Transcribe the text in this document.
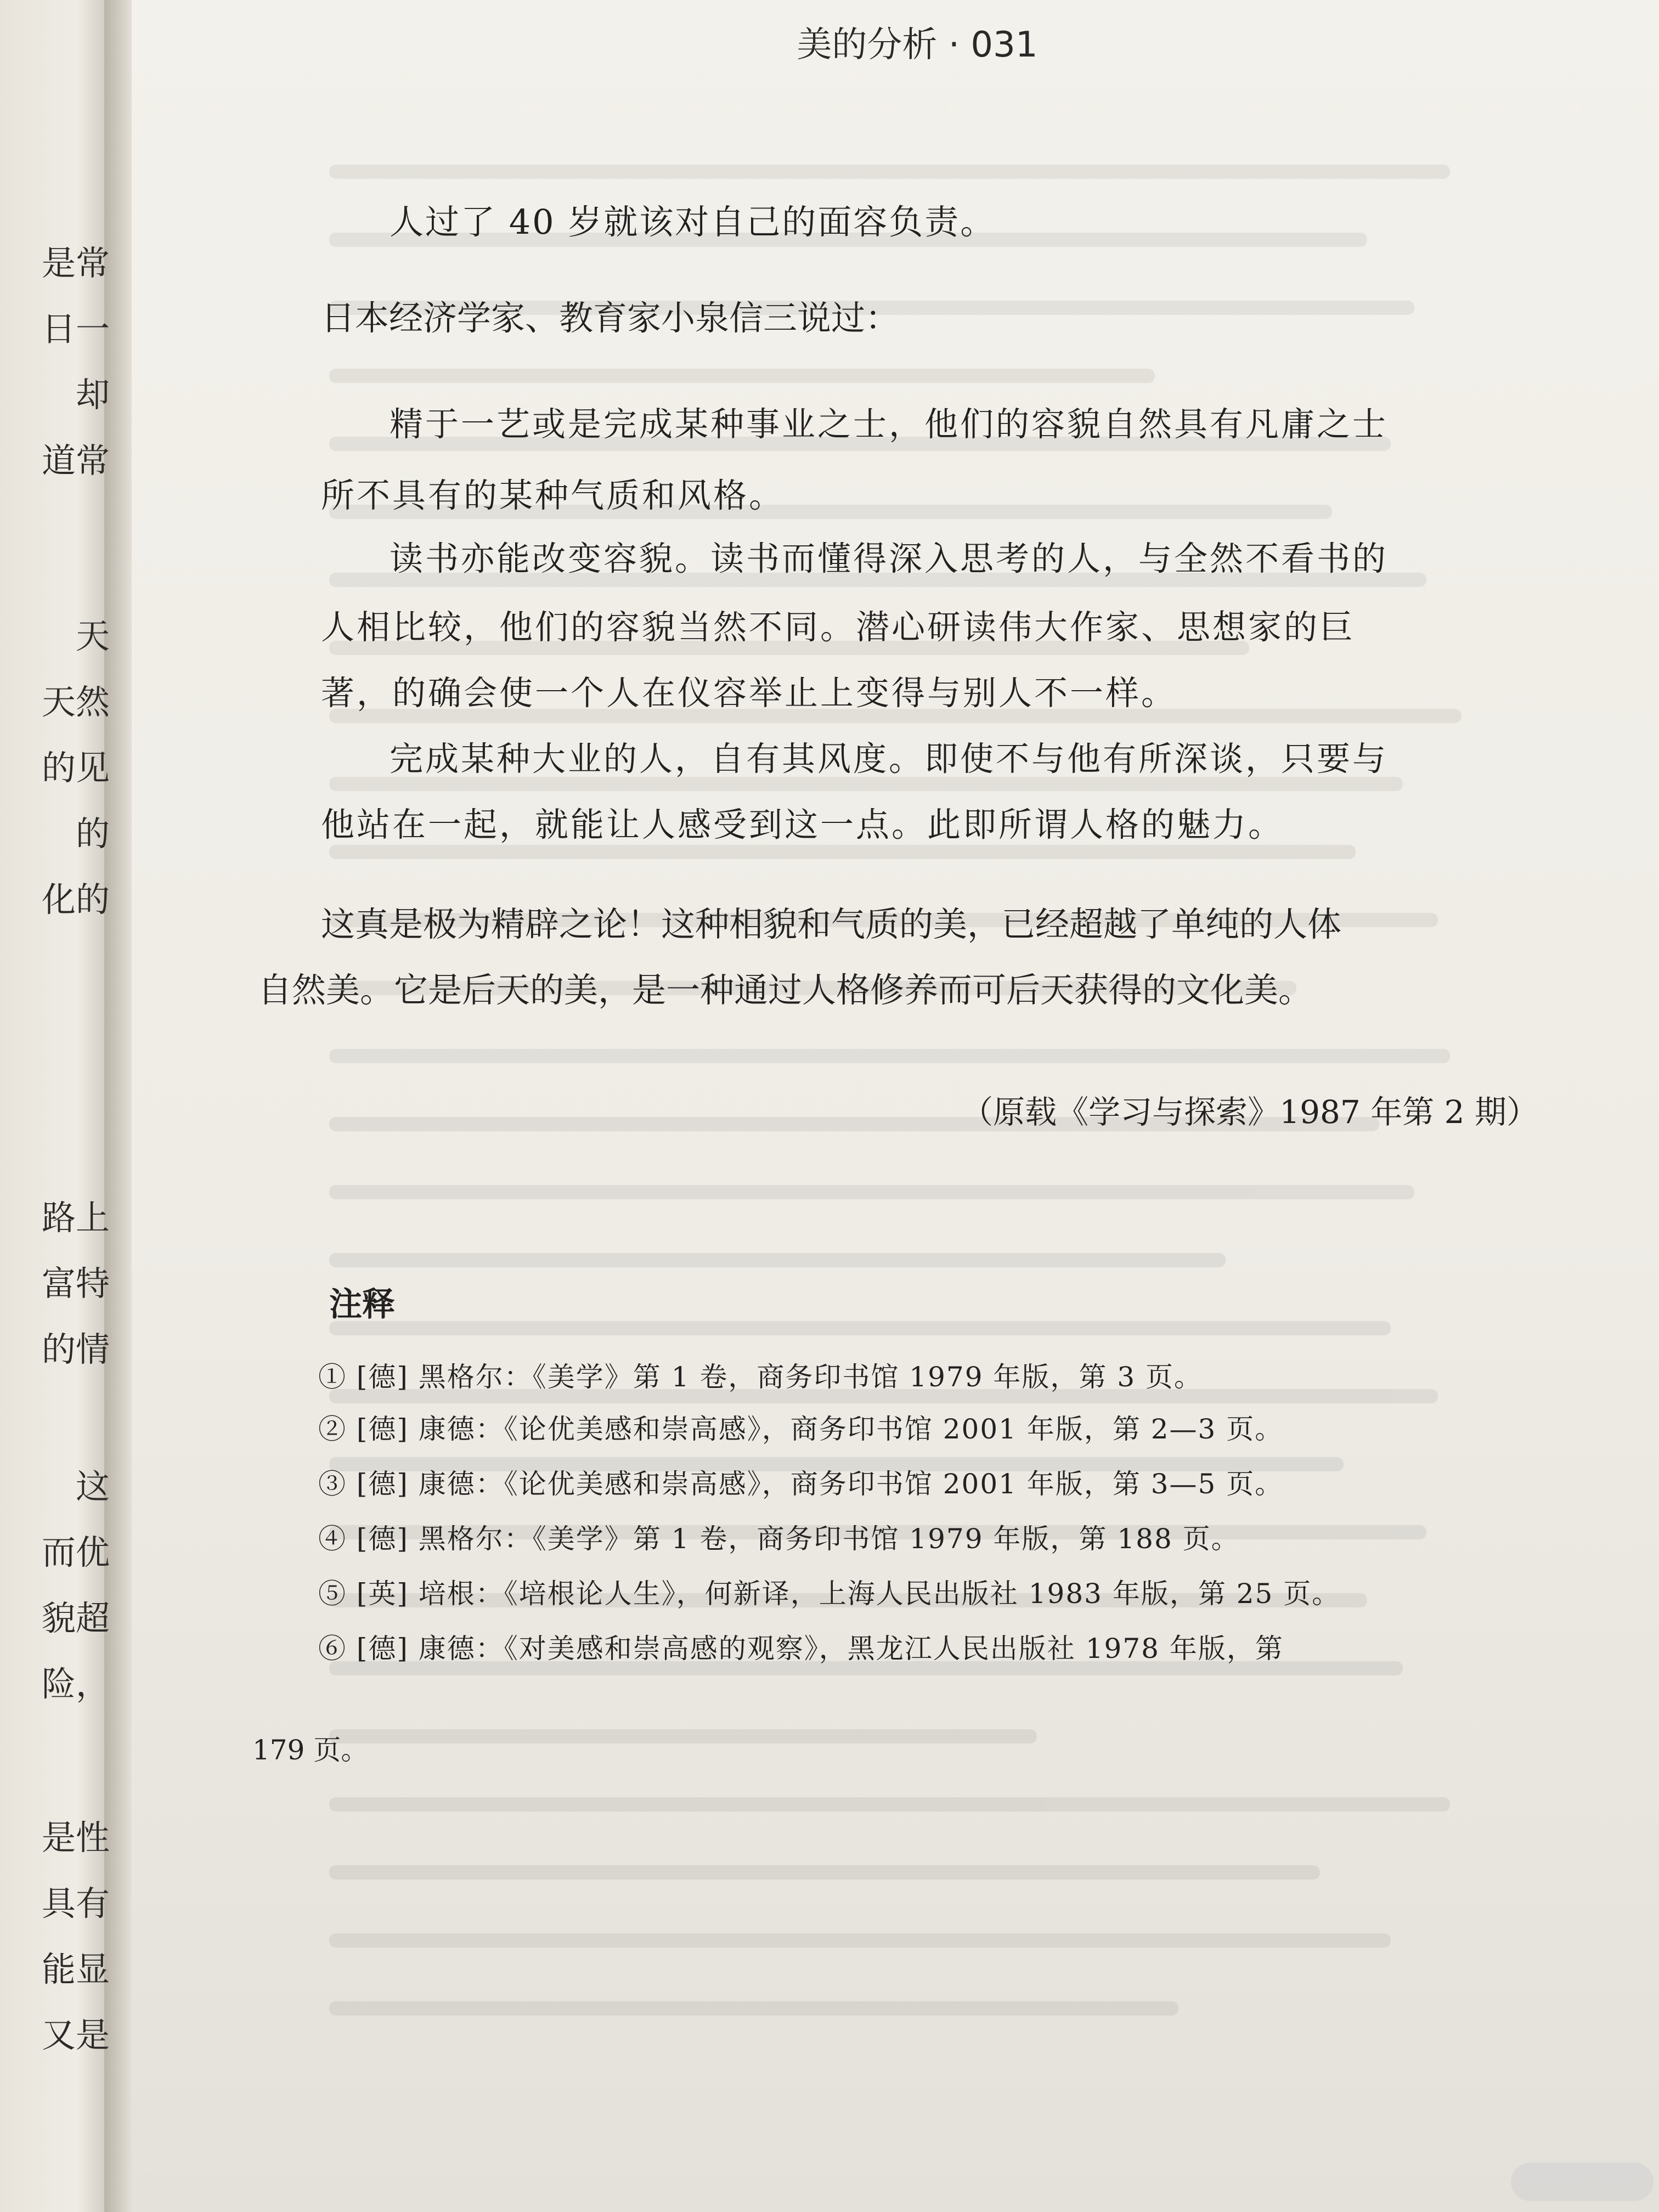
是常
日一
却
道常
天
天然
的见
的
化的
路上
富特
的情
这
而优
貌超
险，
是性
具有
能显
又是
美的分析 · 031
人过了 40 岁就该对自己的面容负责。
日本经济学家、教育家小泉信三说过：
精于一艺或是完成某种事业之士，他们的容貌自然具有凡庸之士
所不具有的某种气质和风格。
读书亦能改变容貌。读书而懂得深入思考的人，与全然不看书的
人相比较，他们的容貌当然不同。潜心研读伟大作家、思想家的巨
著，的确会使一个人在仪容举止上变得与别人不一样。
完成某种大业的人，自有其风度。即使不与他有所深谈，只要与
他站在一起，就能让人感受到这一点。此即所谓人格的魅力。
这真是极为精辟之论！这种相貌和气质的美，已经超越了单纯的人体
自然美。它是后天的美，是一种通过人格修养而可后天获得的文化美。
（原载《学习与探索》1987 年第 2 期）
注释
① [德] 黑格尔：《美学》第 1 卷，商务印书馆 1979 年版，第 3 页。
② [德] 康德：《论优美感和崇高感》，商务印书馆 2001 年版，第 2—3 页。
③ [德] 康德：《论优美感和崇高感》，商务印书馆 2001 年版，第 3—5 页。
④ [德] 黑格尔：《美学》第 1 卷，商务印书馆 1979 年版，第 188 页。
⑤ [英] 培根：《培根论人生》，何新译，上海人民出版社 1983 年版，第 25 页。
⑥ [德] 康德：《对美感和崇高感的观察》，黑龙江人民出版社 1978 年版，第
179 页。
